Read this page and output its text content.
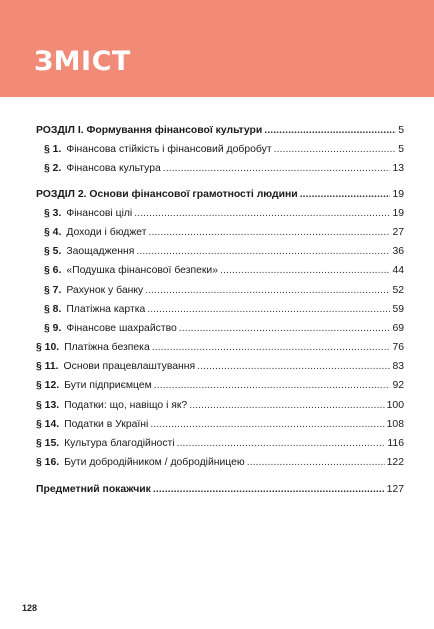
ЗМІСТ
РОЗДІЛ І. Формування фінансової культури . . .	5
§ 1. Фінансова стійкість і фінансовий добробут . . .	5
§ 2. Фінансова культура . . .	13
РОЗДІЛ 2. Основи фінансової грамотності людини . . .	19
§ 3. Фінансові цілі . . .	19
§ 4. Доходи і бюджет . . .	27
§ 5. Заощадження . . .	36
§ 6. «Подушка фінансової безпеки» . . .	44
§ 7. Рахунок у банку . . .	52
§ 8. Платіжна картка . . .	59
§ 9. Фінансове шахрайство . . .	69
§ 10. Платіжна безпека . . .	76
§ 11. Основи працевлаштування . . .	83
§ 12. Бути підприємцем . . .	92
§ 13. Податки: що, навіщо і як? . . .	100
§ 14. Податки в Україні . . .	108
§ 15. Культура благодійності . . .	116
§ 16. Бути добродійником / добродійницею . . .	122
Предметний покажчик . . .	127
128
